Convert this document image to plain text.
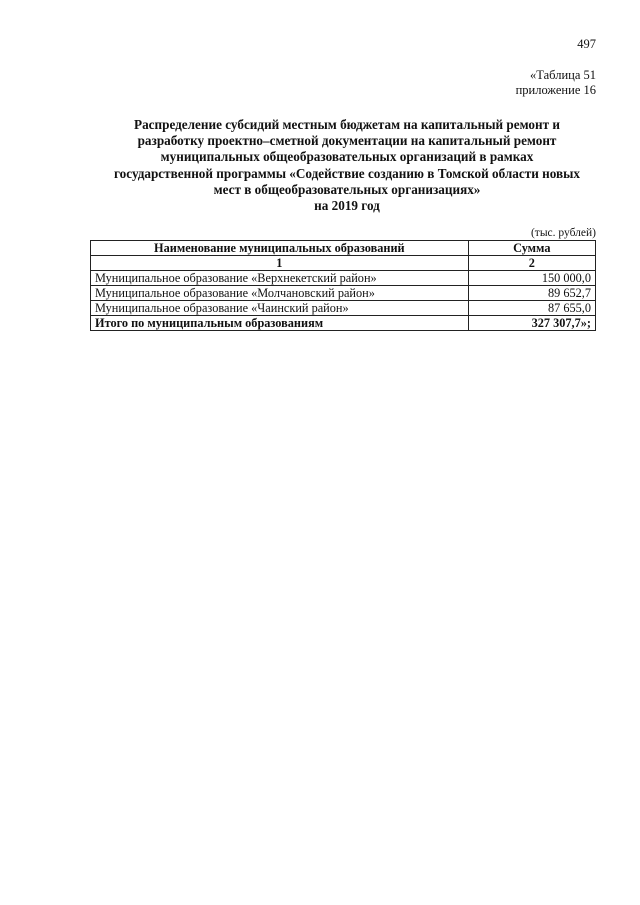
497
«Таблица 51
приложение 16
Распределение субсидий местным бюджетам на капитальный ремонт и
разработку проектно–сметной документации на капитальный ремонт
муниципальных общеобразовательных организаций в рамках
государственной программы «Содействие созданию в Томской области новых
мест в общеобразовательных организациях»
на 2019 год
(тыс. рублей)
Наименование муниципальных образований	Сумма
1	2
Муниципальное образование «Верхнекетский район»	150 000,0
Муниципальное образование «Молчановский район»	89 652,7
Муниципальное образование «Чаинский район»	87 655,0
Итого по муниципальным образованиям	327 307,7»;
